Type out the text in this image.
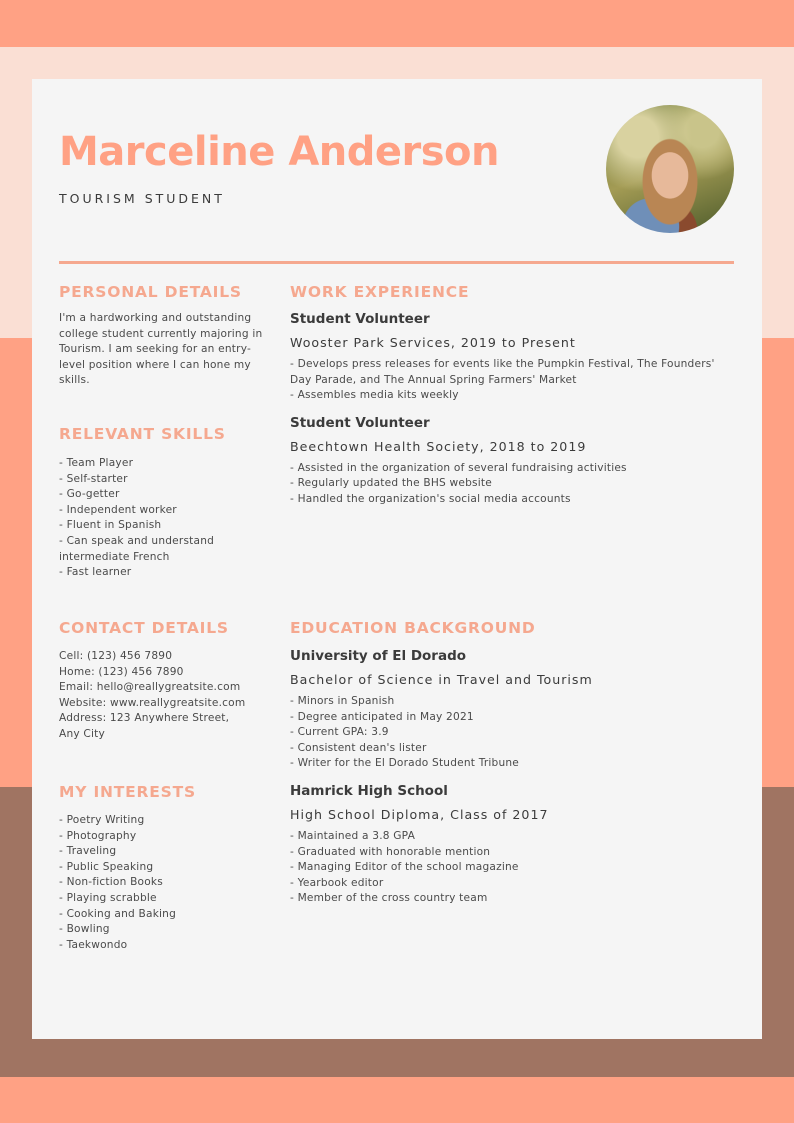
Marceline Anderson
TOURISM STUDENT
PERSONAL DETAILS

I'm a hardworking and outstanding college student currently majoring in Tourism. I am seeking for an entry-level position where I can hone my skills.

RELEVANT SKILLS
- Team Player
- Self-starter
- Go-getter
- Independent worker
- Fluent in Spanish
- Can speak and understand intermediate French
- Fast learner
CONTACT DETAILS
Cell: (123) 456 7890
Home: (123) 456 7890
Email: hello@reallygreatsite.com
Website: www.reallygreatsite.com
Address: 123 Anywhere Street, Any City
MY INTERESTS
- Poetry Writing
- Photography
- Traveling
- Public Speaking
- Non-fiction Books
- Playing scrabble
- Cooking and Baking
- Bowling
- Taekwondo
WORK EXPERIENCE
Student Volunteer
Wooster Park Services, 2019 to Present
- Develops press releases for events like the Pumpkin Festival, The Founders' Day Parade, and The Annual Spring Farmers' Market
- Assembles media kits weekly
Student Volunteer
Beechtown Health Society, 2018 to 2019
- Assisted in the organization of several fundraising activities
- Regularly updated the BHS website
- Handled the organization's social media accounts
EDUCATION BACKGROUND
University of El Dorado
Bachelor of Science in Travel and Tourism
- Minors in Spanish
- Degree anticipated in May 2021
- Current GPA: 3.9
- Consistent dean's lister
- Writer for the El Dorado Student Tribune
Hamrick High School
High School Diploma, Class of 2017
- Maintained a 3.8 GPA
- Graduated with honorable mention
- Managing Editor of the school magazine
- Yearbook editor
- Member of the cross country team
